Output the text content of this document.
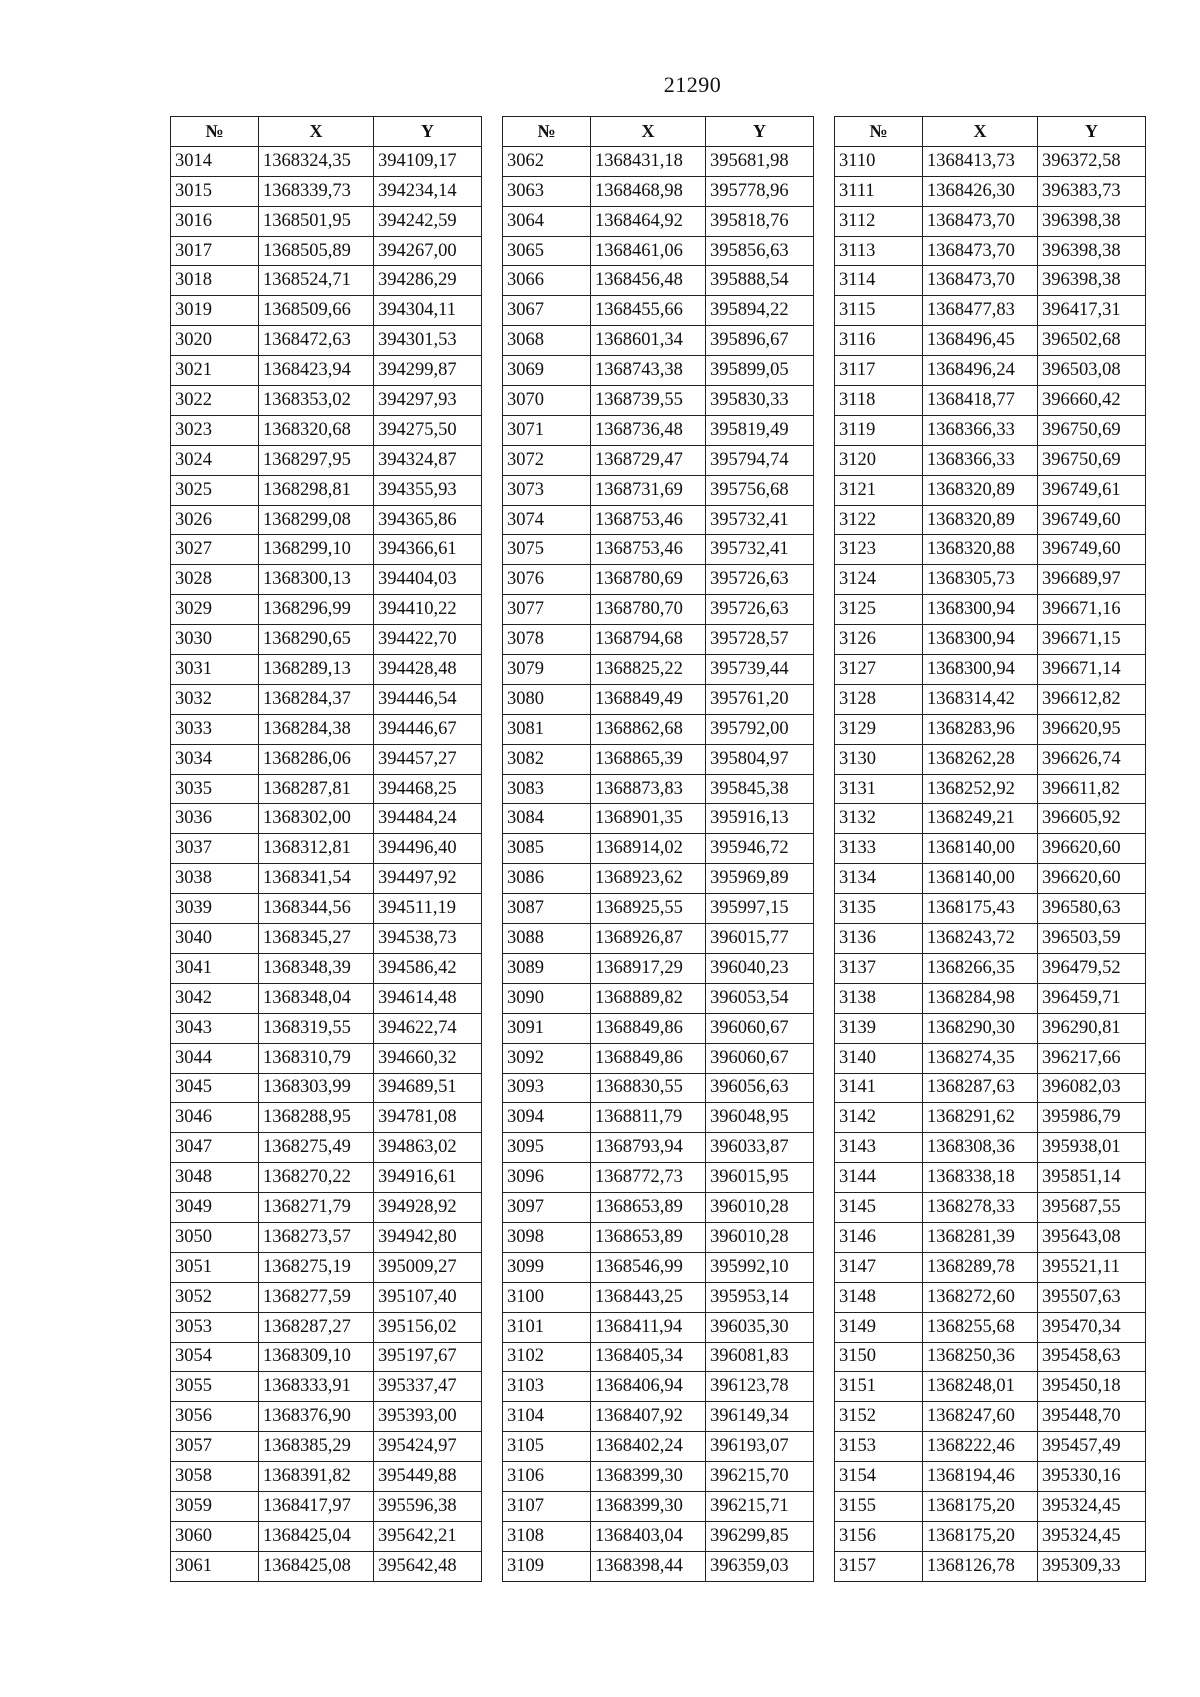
21290
№	X	Y
3014	1368324,35	394109,17
3015	1368339,73	394234,14
3016	1368501,95	394242,59
3017	1368505,89	394267,00
3018	1368524,71	394286,29
3019	1368509,66	394304,11
3020	1368472,63	394301,53
3021	1368423,94	394299,87
3022	1368353,02	394297,93
3023	1368320,68	394275,50
3024	1368297,95	394324,87
3025	1368298,81	394355,93
3026	1368299,08	394365,86
3027	1368299,10	394366,61
3028	1368300,13	394404,03
3029	1368296,99	394410,22
3030	1368290,65	394422,70
3031	1368289,13	394428,48
3032	1368284,37	394446,54
3033	1368284,38	394446,67
3034	1368286,06	394457,27
3035	1368287,81	394468,25
3036	1368302,00	394484,24
3037	1368312,81	394496,40
3038	1368341,54	394497,92
3039	1368344,56	394511,19
3040	1368345,27	394538,73
3041	1368348,39	394586,42
3042	1368348,04	394614,48
3043	1368319,55	394622,74
3044	1368310,79	394660,32
3045	1368303,99	394689,51
3046	1368288,95	394781,08
3047	1368275,49	394863,02
3048	1368270,22	394916,61
3049	1368271,79	394928,92
3050	1368273,57	394942,80
3051	1368275,19	395009,27
3052	1368277,59	395107,40
3053	1368287,27	395156,02
3054	1368309,10	395197,67
3055	1368333,91	395337,47
3056	1368376,90	395393,00
3057	1368385,29	395424,97
3058	1368391,82	395449,88
3059	1368417,97	395596,38
3060	1368425,04	395642,21
3061	1368425,08	395642,48
№	X	Y
3062	1368431,18	395681,98
3063	1368468,98	395778,96
3064	1368464,92	395818,76
3065	1368461,06	395856,63
3066	1368456,48	395888,54
3067	1368455,66	395894,22
3068	1368601,34	395896,67
3069	1368743,38	395899,05
3070	1368739,55	395830,33
3071	1368736,48	395819,49
3072	1368729,47	395794,74
3073	1368731,69	395756,68
3074	1368753,46	395732,41
3075	1368753,46	395732,41
3076	1368780,69	395726,63
3077	1368780,70	395726,63
3078	1368794,68	395728,57
3079	1368825,22	395739,44
3080	1368849,49	395761,20
3081	1368862,68	395792,00
3082	1368865,39	395804,97
3083	1368873,83	395845,38
3084	1368901,35	395916,13
3085	1368914,02	395946,72
3086	1368923,62	395969,89
3087	1368925,55	395997,15
3088	1368926,87	396015,77
3089	1368917,29	396040,23
3090	1368889,82	396053,54
3091	1368849,86	396060,67
3092	1368849,86	396060,67
3093	1368830,55	396056,63
3094	1368811,79	396048,95
3095	1368793,94	396033,87
3096	1368772,73	396015,95
3097	1368653,89	396010,28
3098	1368653,89	396010,28
3099	1368546,99	395992,10
3100	1368443,25	395953,14
3101	1368411,94	396035,30
3102	1368405,34	396081,83
3103	1368406,94	396123,78
3104	1368407,92	396149,34
3105	1368402,24	396193,07
3106	1368399,30	396215,70
3107	1368399,30	396215,71
3108	1368403,04	396299,85
3109	1368398,44	396359,03
№	X	Y
3110	1368413,73	396372,58
3111	1368426,30	396383,73
3112	1368473,70	396398,38
3113	1368473,70	396398,38
3114	1368473,70	396398,38
3115	1368477,83	396417,31
3116	1368496,45	396502,68
3117	1368496,24	396503,08
3118	1368418,77	396660,42
3119	1368366,33	396750,69
3120	1368366,33	396750,69
3121	1368320,89	396749,61
3122	1368320,89	396749,60
3123	1368320,88	396749,60
3124	1368305,73	396689,97
3125	1368300,94	396671,16
3126	1368300,94	396671,15
3127	1368300,94	396671,14
3128	1368314,42	396612,82
3129	1368283,96	396620,95
3130	1368262,28	396626,74
3131	1368252,92	396611,82
3132	1368249,21	396605,92
3133	1368140,00	396620,60
3134	1368140,00	396620,60
3135	1368175,43	396580,63
3136	1368243,72	396503,59
3137	1368266,35	396479,52
3138	1368284,98	396459,71
3139	1368290,30	396290,81
3140	1368274,35	396217,66
3141	1368287,63	396082,03
3142	1368291,62	395986,79
3143	1368308,36	395938,01
3144	1368338,18	395851,14
3145	1368278,33	395687,55
3146	1368281,39	395643,08
3147	1368289,78	395521,11
3148	1368272,60	395507,63
3149	1368255,68	395470,34
3150	1368250,36	395458,63
3151	1368248,01	395450,18
3152	1368247,60	395448,70
3153	1368222,46	395457,49
3154	1368194,46	395330,16
3155	1368175,20	395324,45
3156	1368175,20	395324,45
3157	1368126,78	395309,33
